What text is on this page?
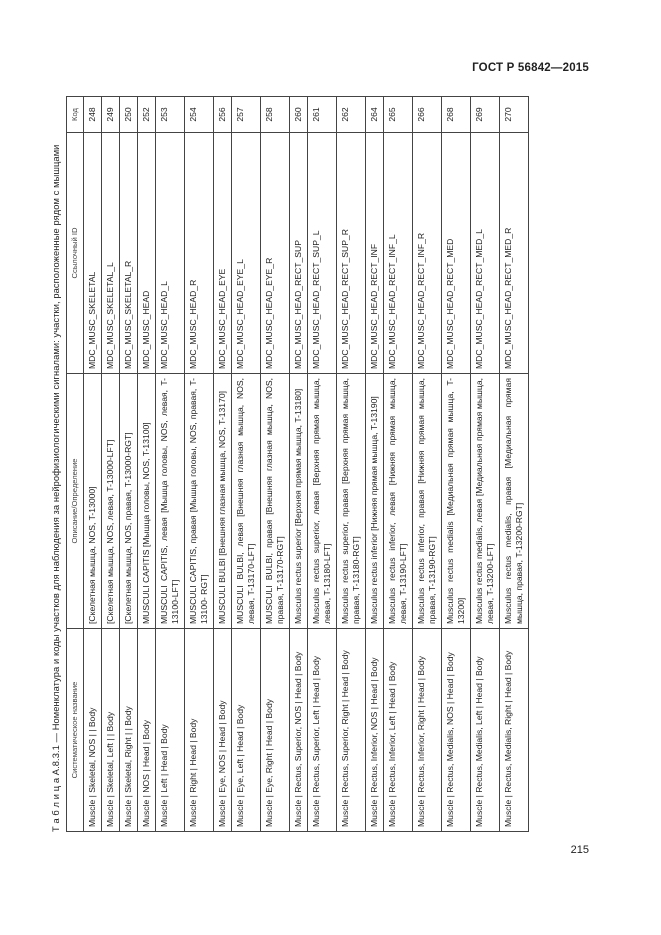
ГОСТ Р 56842—2015
Т а б л и ц а А.8.3.1 — Номенклатура и коды участков для наблюдения за нейрофизиологическими сигналами: участки, расположенные рядом с мышцами	Систематическое название	Описание/Определение	Ссылочный ID	Код
Muscle | Skeletal, NOS | | Body	[Скелетная мышца, NOS, T-13000]	MDC_MUSC_SKELETAL	248
Muscle | Skeletal, Left | | Body	[Скелетная мышца, NOS, левая, T-13000-LFT]	MDC_MUSC_SKELETAL_L	249
Muscle | Skeletal, Right | | Body	[Скелетная мышца, NOS, правая, T-13000-RGT]	MDC_MUSC_SKELETAL_R	250
Muscle | NOS | Head | Body	MUSCULI CAPITIS [Мышца головы, NOS, T-13100]	MDC_MUSC_HEAD	252
Muscle | Left | Head | Body	MUSCULI CAPITIS, левая [Мышца головы, NOS, левая, T-13100-LFT]	MDC_MUSC_HEAD_L	253
Muscle | Right | Head | Body	MUSCULI CAPITIS, правая [Мышца головы, NOS, правая, T-13100- RGT]	MDC_MUSC_HEAD_R	254
Muscle | Eye, NOS | Head | Body	MUSCULI BULBI [Внешняя глазная мышца, NOS, T-13170]	MDC_MUSC_HEAD_EYE	256
Muscle | Eye, Left | Head | Body	MUSCULI BULBI, левая [Внешняя глазная мышца, NOS, левая, T-13170-LFT]	MDC_MUSC_HEAD_EYE_L	257
Muscle | Eye, Right | Head | Body	MUSCULI BULBI, правая [Внешняя глазная мышца, NOS, правая, T-13170-RGT]	MDC_MUSC_HEAD_EYE_R	258
Muscle | Rectus, Superior, NOS | Head | Body	Musculus rectus superior [Верхняя прямая мышца, T-13180]	MDC_MUSC_HEAD_RECT_SUP	260
Muscle | Rectus, Superior, Left | Head | Body	Musculus rectus superior, левая [Верхняя прямая мышца, левая, T-13180-LFT]	MDC_MUSC_HEAD_RECT_SUP_L	261
Muscle | Rectus, Superior, Right | Head | Body	Musculus rectus superior, правая [Верхняя прямая мышца, правая, T-13180-RGT]	MDC_MUSC_HEAD_RECT_SUP_R	262
Muscle | Rectus, Inferior, NOS | Head | Body	Musculus rectus inferior [Нижняя прямая мышца, T-13190]	MDC_MUSC_HEAD_RECT_INF	264
Muscle | Rectus, Inferior, Left | Head | Body	Musculus rectus inferior, левая [Нижняя прямая мышца, левая, T-13190-LFT]	MDC_MUSC_HEAD_RECT_INF_L	265
Muscle | Rectus, Inferior, Right | Head | Body	Musculus rectus inferior, правая [Нижняя прямая мышца, правая, T-13190-RGT]	MDC_MUSC_HEAD_RECT_INF_R	266
Muscle | Rectus, Medialis, NOS | Head | Body	Musculus rectus medialis [Медиальная прямая мышца, T-13200]	MDC_MUSC_HEAD_RECT_MED	268
Muscle | Rectus, Medialis, Left | Head | Body	Musculus rectus medialis, левая [Медиальная прямая мышца, левая, T-13200-LFT]	MDC_MUSC_HEAD_RECT_MED_L	269
Muscle | Rectus, Medialis, Right | Head | Body	Musculus rectus medialis, правая [Медиальная прямая мышца, правая, T-13200-RGT]	MDC_MUSC_HEAD_RECT_MED_R	270
215
